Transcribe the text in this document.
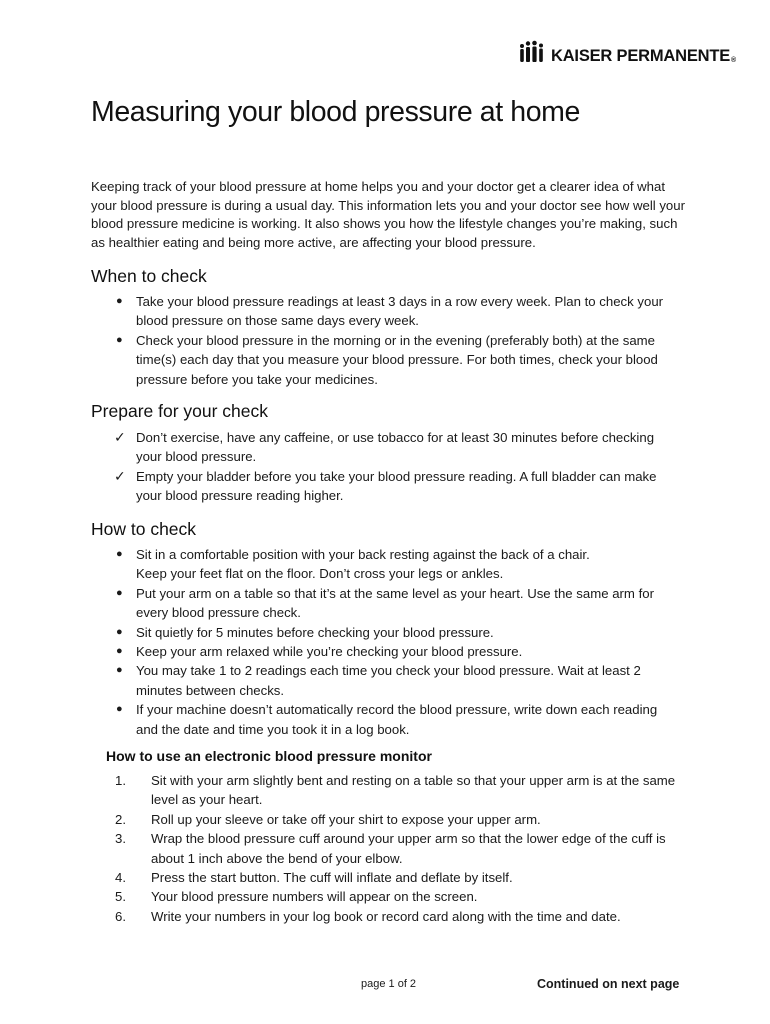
KAISER PERMANENTE®
Measuring your blood pressure at home

Keeping track of your blood pressure at home helps you and your doctor get a clearer idea of what your blood pressure is during a usual day. This information lets you and your doctor see how well your blood pressure medicine is working. It also shows you how the lifestyle changes you’re making, such as healthier eating and being more active, are affecting your blood pressure.

When to check
●	Take your blood pressure readings at least 3 days in a row every week. Plan to check your blood pressure on those same days every week.
●	Check your blood pressure in the morning or in the evening (preferably both) at the same time(s) each day that you measure your blood pressure. For both times, check your blood pressure before you take your medicines.
Prepare for your check
✓ Don’t exercise, have any caffeine, or use tobacco for at least 30 minutes before checking your blood pressure.
✓ Empty your bladder before you take your blood pressure reading. A full bladder can make your blood pressure reading higher.
How to check
●	Sit in a comfortable position with your back resting against the back of a chair.
Keep your feet flat on the floor. Don’t cross your legs or ankles.
●	Put your arm on a table so that it’s at the same level as your heart. Use the same arm for every blood pressure check.
●	Sit quietly for 5 minutes before checking your blood pressure.
●	Keep your arm relaxed while you’re checking your blood pressure.
●	You may take 1 to 2 readings each time you check your blood pressure. Wait at least 2 minutes between checks.
●	If your machine doesn’t automatically record the blood pressure, write down each reading and the date and time you took it in a log book.
How to use an electronic blood pressure monitor
1. Sit with your arm slightly bent and resting on a table so that your upper arm is at the same level as your heart.
2. Roll up your sleeve or take off your shirt to expose your upper arm.
3. Wrap the blood pressure cuff around your upper arm so that the lower edge of the cuff is about 1 inch above the bend of your elbow.
4. Press the start button. The cuff will inflate and deflate by itself.
5. Your blood pressure numbers will appear on the screen.
6. Write your numbers in your log book or record card along with the time and date.
page 1 of 2	Continued on next page
